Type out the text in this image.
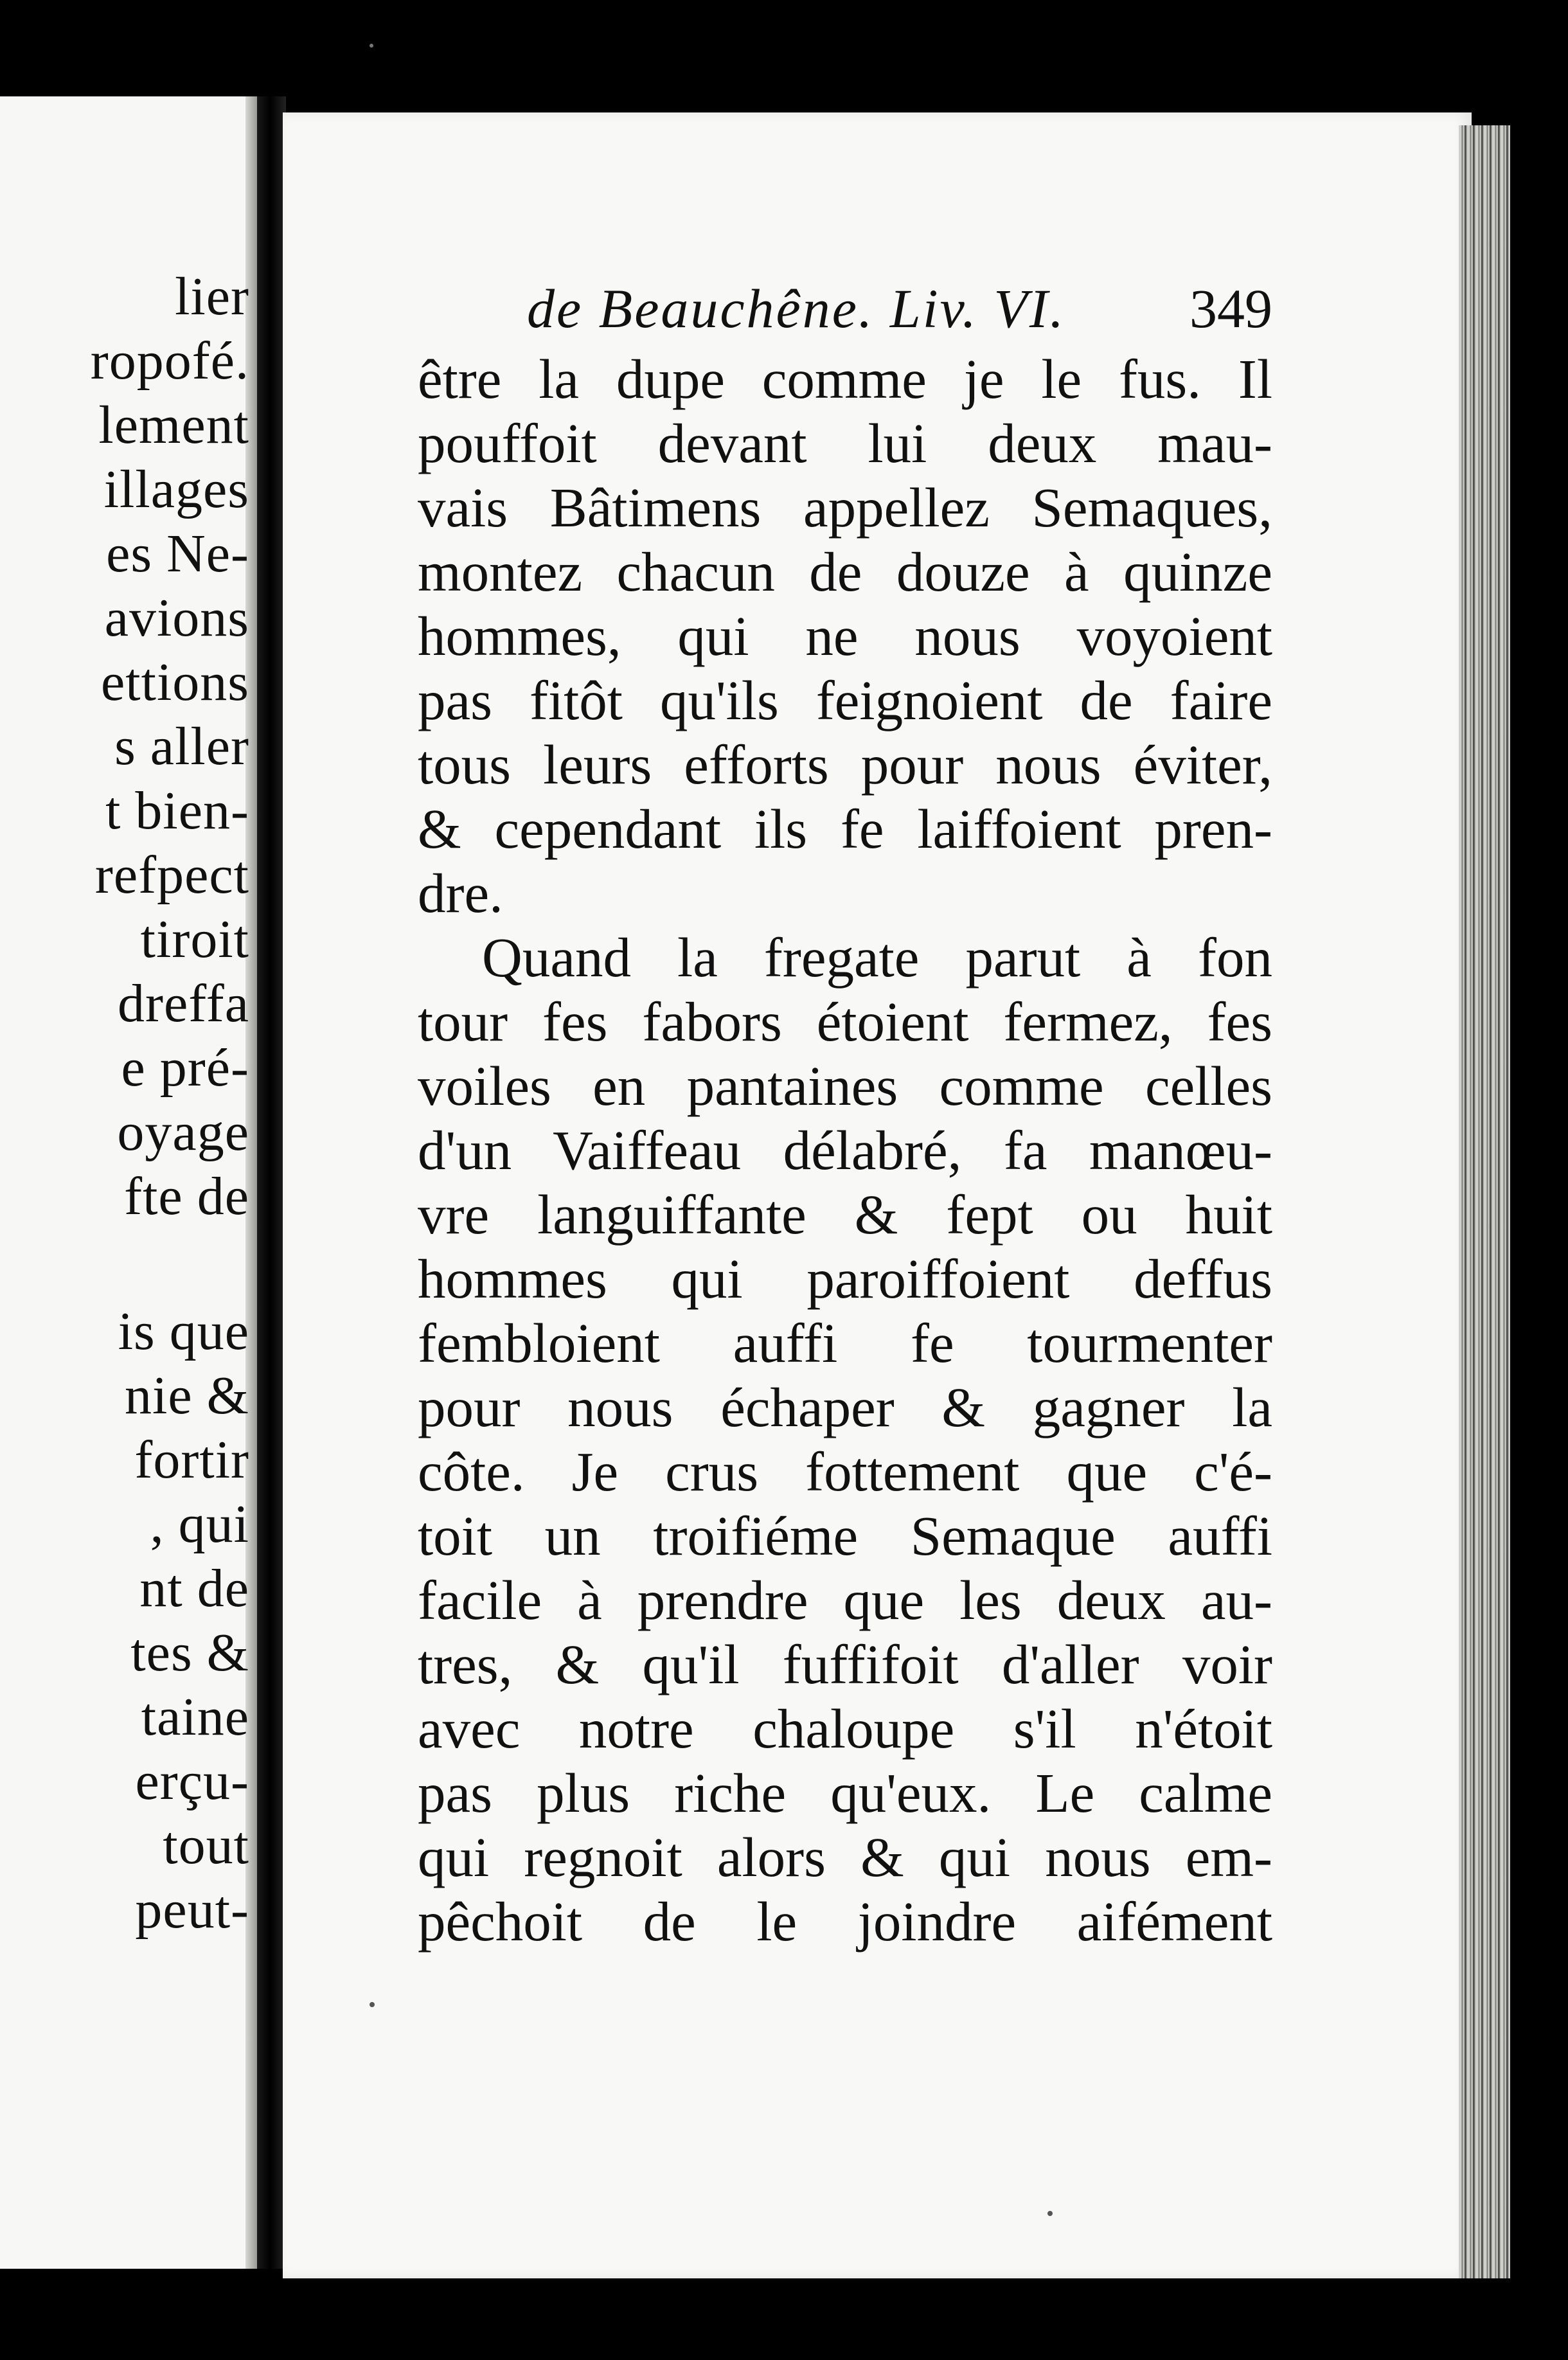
lier
ropofé.
lement
illages
es Ne-
avions
ettions
s aller
t bien-
refpect
tiroit
dreffa
e pré-
oyage
fte de
is que
nie &
fortir
, qui
nt de
tes &
taine
erçu-
tout
peut-
de Beauchêne. Liv. VI. 349
être la dupe comme je le fus. Il
pouffoit devant lui deux mau-
vais Bâtimens appellez Semaques,
montez chacun de douze à quinze
hommes, qui ne nous voyoient
pas fitôt qu'ils feignoient de faire
tous leurs efforts pour nous éviter,
& cependant ils fe laiffoient pren-
dre.
Quand la fregate parut à fon
tour fes fabors étoient fermez, fes
voiles en pantaines comme celles
d'un Vaiffeau délabré, fa manœu-
vre languiffante & fept ou huit
hommes qui paroiffoient deffus
fembloient auffi fe tourmenter
pour nous échaper & gagner la
côte. Je crus fottement que c'é-
toit un troifiéme Semaque auffi
facile à prendre que les deux au-
tres, & qu'il fuffifoit d'aller voir
avec notre chaloupe s'il n'étoit
pas plus riche qu'eux. Le calme
qui regnoit alors & qui nous em-
pêchoit de le joindre aifément
